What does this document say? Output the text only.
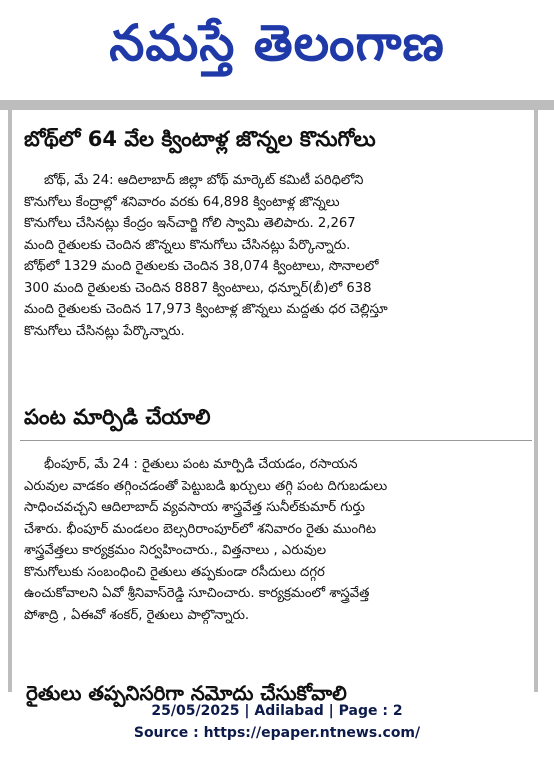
నమస్తే తెలంగాణ
బోథ్‌లో 64 వేల క్వింటాళ్ల జొన్నల కొనుగోలు
బోథ్, మే 24: ఆదిలాబాద్ జిల్లా బోథ్ మార్కెట్ కమిటీ పరిధిలోని
కొనుగోలు కేంద్రాల్లో శనివారం వరకు 64,898 క్వింటాళ్ల జొన్నలు
కొనుగోలు చేసినట్లు కేంద్రం ఇన్‌చార్జి గోలి స్వామి తెలిపారు. 2,267
మంది రైతులకు చెందిన జొన్నలు కొనుగోలు చేసినట్లు పేర్కొన్నారు.
బోథ్‌లో 1329 మంది రైతులకు చెందిన 38,074 క్వింటాలు, సొనాలలో
300 మంది రైతులకు చెందిన 8887 క్వింటాలు, ధన్నూర్(బీ)లో 638
మంది రైతులకు చెందిన 17,973 క్వింటాళ్ల జొన్నలు మద్దతు ధర చెల్లిస్తూ
కొనుగోలు చేసినట్లు పేర్కొన్నారు.
పంట మార్పిడి చేయాలి
భీంపూర్, మే 24 : రైతులు పంట మార్పిడి చేయడం, రసాయన
ఎరువుల వాడకం తగ్గించడంతో పెట్టుబడి ఖర్చులు తగ్గి పంట దిగుబడులు
సాధించవచ్చని ఆదిలాబాద్ వ్యవసాయ శాస్త్రవేత్త సునీల్‌కుమార్ గుర్తు
చేశారు. భీంపూర్ మండలం బెల్సరిరాంపూర్‌లో శనివారం రైతు ముంగిట
శాస్త్రవేత్తలు కార్యక్రమం నిర్వహించారు., విత్తనాలు , ఎరువుల
కొనుగోలుకు సంబంధించి రైతులు తప్పకుండా రసీదులు దగ్గర
ఉంచుకోవాలని ఏవో శ్రీనివాస్‌రెడ్డి సూచించారు. కార్యక్రమంలో శాస్త్రవేత్త
పోశాద్రి , ఏఈవో శంకర్, రైతులు పాల్గొన్నారు.
రైతులు తప్పనిసరిగా నమోదు చేసుకోవాలి
25/05/2025 | Adilabad | Page : 2
Source : https://epaper.ntnews.com/
